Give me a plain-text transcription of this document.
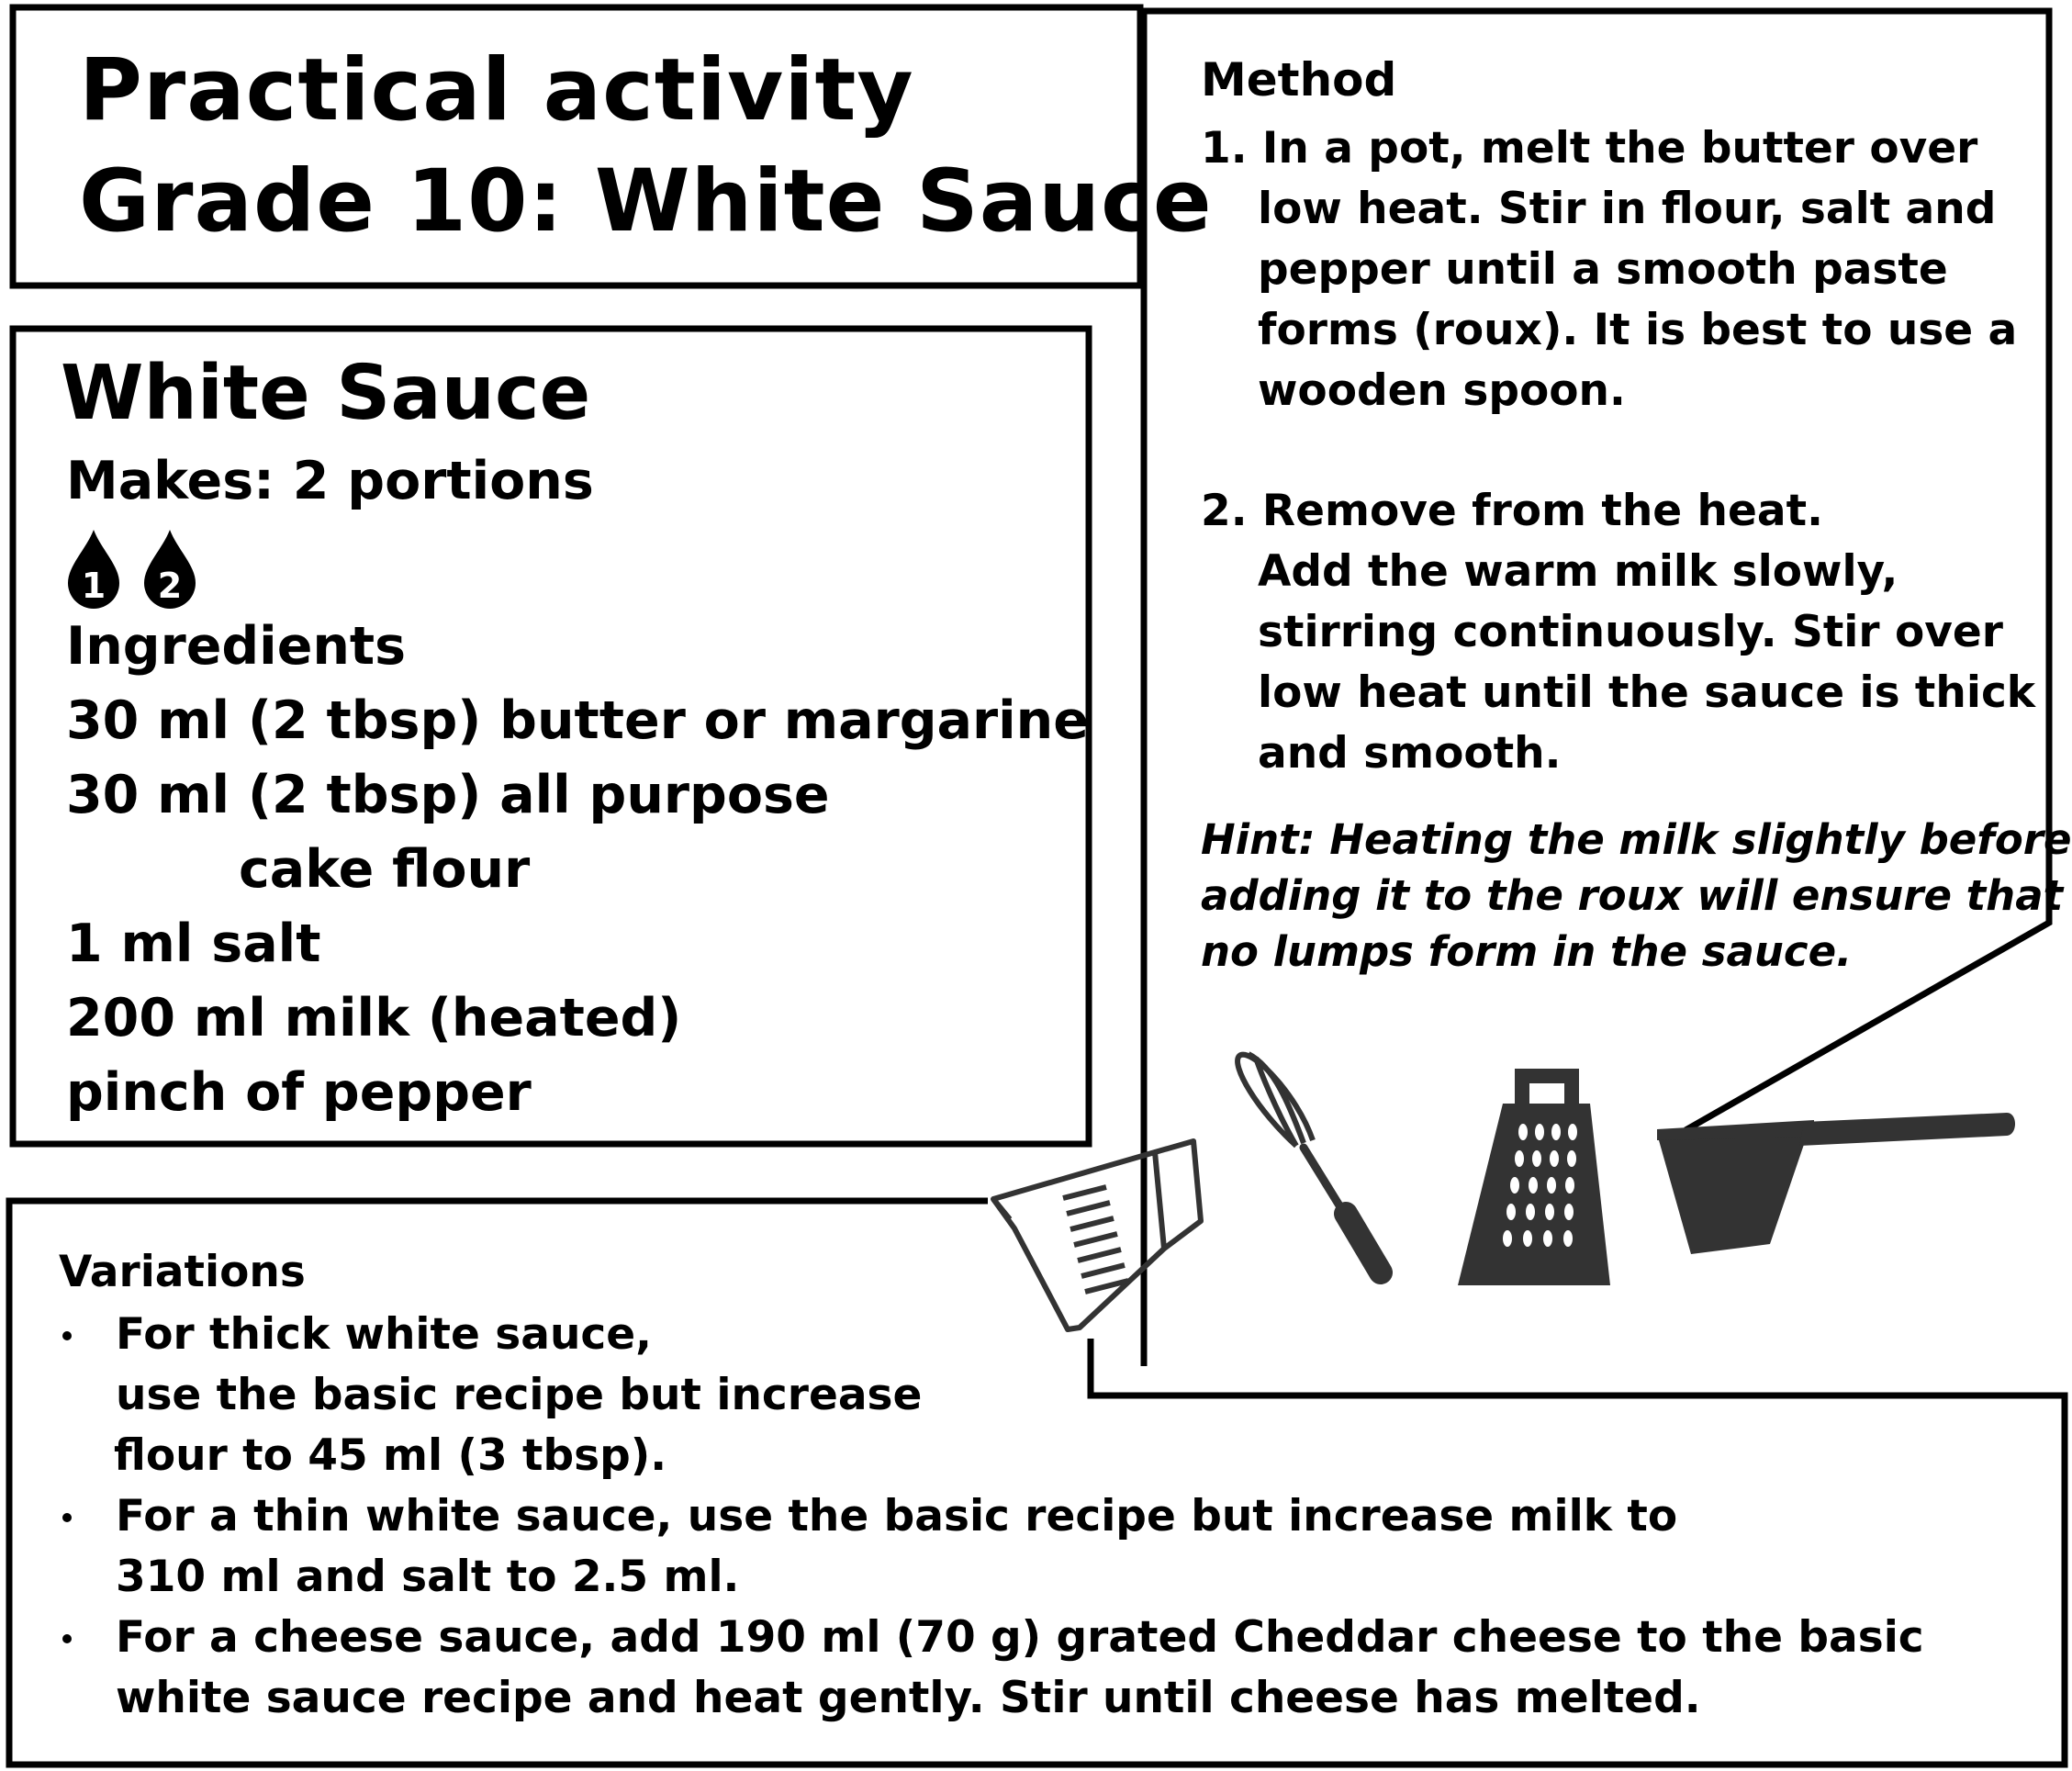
1 2
Practical activity
Grade 10: White Sauce
White Sauce
Makes: 2 portions
Ingredients
30 ml (2 tbsp) butter or margarine
30 ml (2 tbsp) all purpose
cake flour
1 ml salt
200 ml milk (heated)
pinch of pepper
Method
1. In a pot, melt the butter over
low heat. Stir in flour, salt and
pepper until a smooth paste
forms (roux). It is best to use a
wooden spoon.
2. Remove from the heat.
Add the warm milk slowly,
stirring continuously. Stir over
low heat until the sauce is thick
and smooth.
Hint: Heating the milk slightly before
adding it to the roux will ensure that
no lumps form in the sauce.
Variations
For thick white sauce,
use the basic recipe but increase
flour to 45 ml (3 tbsp).
For a thin white sauce, use the basic recipe but increase milk to
310 ml and salt to 2.5 ml.
For a cheese sauce, add 190 ml (70 g) grated Cheddar cheese to the basic
white sauce recipe and heat gently. Stir until cheese has melted.
